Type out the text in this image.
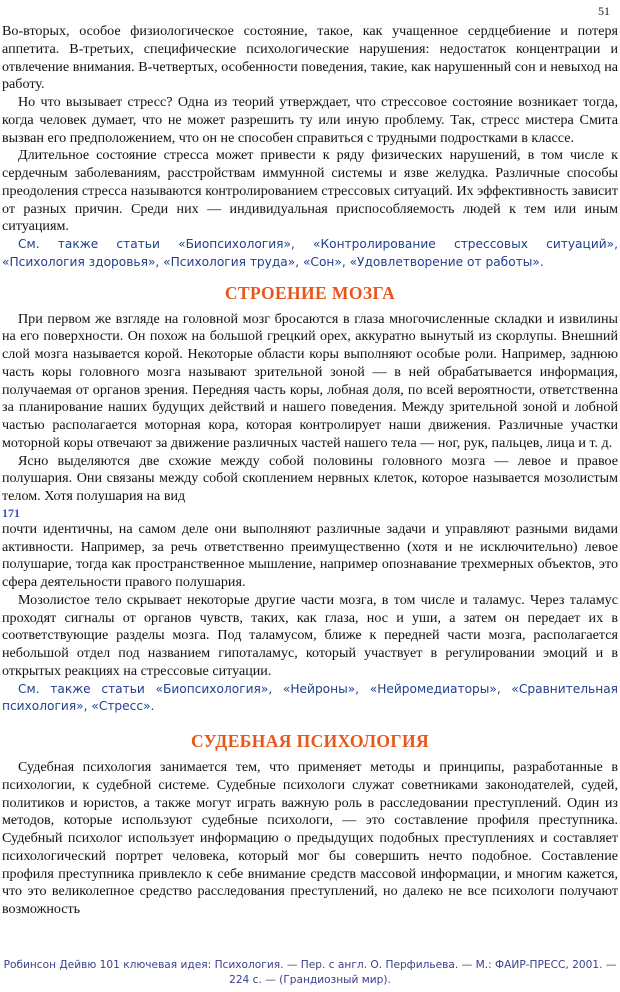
51

Во-вторых, особое физиологическое состояние, такое, как учащенное сердцебиение и потеря аппетита. В-третьих, специфические психологические нарушения: недостаток концентрации и отвлечение внимания. В-четвертых, особенности поведения, такие, как нарушенный сон и невыход на работу.

Но что вызывает стресс? Одна из теорий утверждает, что стрессовое состояние возникает тогда, когда человек думает, что не может разрешить ту или иную проблему. Так, стресс мистера Смита вызван его предположением, что он не способен справиться с трудными подростками в классе.

Длительное состояние стресса может привести к ряду физических нарушений, в том числе к сердечным заболеваниям, расстройствам иммунной системы и язве желудка. Различные способы преодоления стресса называются контролированием стрессовых ситуаций. Их эффективность зависит от разных причин. Среди них — индивидуальная приспособляемость людей к тем или иным ситуациям.

См. также статьи «Биопсихология», «Контролирование стрессовых ситуаций», «Психология здоровья», «Психология труда», «Сон», «Удовлетворение от работы».

СТРОЕНИЕ МОЗГА

При первом же взгляде на головной мозг бросаются в глаза многочисленные складки и извилины на его поверхности. Он похож на большой грецкий орех, аккуратно вынутый из скорлупы. Внешний слой мозга называется корой. Некоторые области коры выполняют особые роли. Например, заднюю часть коры головного мозга называют зрительной зоной — в ней обрабатывается информация, получаемая от органов зрения. Передняя часть коры, лобная доля, по всей вероятности, ответственна за планирование наших будущих действий и нашего поведения. Между зрительной зоной и лобной частью располагается моторная кора, которая контролирует наши движения. Различные участки моторной коры отвечают за движение различных частей нашего тела — ног, рук, пальцев, лица и т. д.

Ясно выделяются две схожие между собой половины головного мозга — левое и правое полушария. Они связаны между собой скоплением нервных клеток, которое называется мозолистым телом. Хотя полушария на вид

171

почти идентичны, на самом деле они выполняют различные задачи и управляют разными видами активности. Например, за речь ответственно преимущественно (хотя и не исключительно) левое полушарие, тогда как пространственное мышление, например опознавание трехмерных объектов, это сфера деятельности правого полушария.

Мозолистое тело скрывает некоторые другие части мозга, в том числе и таламус. Через таламус проходят сигналы от органов чувств, таких, как глаза, нос и уши, а затем он передает их в соответствующие разделы мозга. Под таламусом, ближе к передней части мозга, располагается небольшой отдел под названием гипоталамус, который участвует в регулировании эмоций и в открытых реакциях на стрессовые ситуации.

См. также статьи «Биопсихология», «Нейроны», «Нейромедиаторы», «Сравнительная психология», «Стресс».

СУДЕБНАЯ ПСИХОЛОГИЯ

Судебная психология занимается тем, что применяет методы и принципы, разработанные в психологии, к судебной системе. Судебные психологи служат советниками законодателей, судей, политиков и юристов, а также могут играть важную роль в расследовании преступлений. Один из методов, которые используют судебные психологи, — это составление профиля преступника. Судебный психолог использует информацию о предыдущих подобных преступлениях и составляет психологический портрет человека, который мог бы совершить нечто подобное. Составление профиля преступника привлекло к себе внимание средств массовой информации, и многим кажется, что это великолепное средство расследования преступлений, но далеко не все психологи получают возможность

Робинсон Дейвю 101 ключевая идея: Психология. — Пер. с англ. О. Перфильева. — М.: ФАИР-ПРЕСС, 2001. —
224 с. — (Грандиозный мир).
